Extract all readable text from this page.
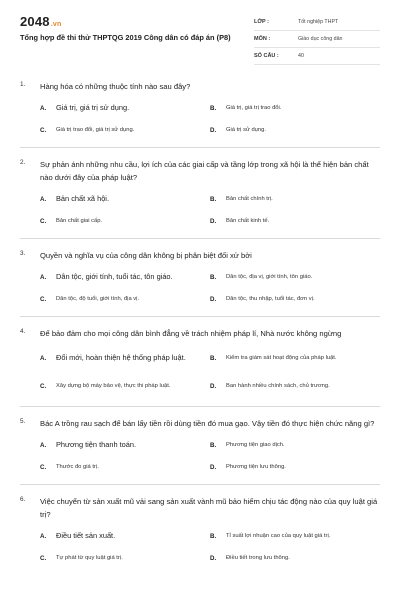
2048.vn
Tổng hợp đề thi thử THPTQG 2019 Công dân có đáp án (P8)
LỚP :	Tốt nghiệp THPT
MÔN :	Giáo dục công dân
SỐ CÂU :	40
1.	Hàng hóa có những thuộc tính nào sau đây?
A.	Giá trị, giá trị sử dụng.	B.	Giá trị, giá trị trao đổi.
C.	Giá trị trao đổi, giá trị sử dụng.	D.	Giá trị sử dụng.
2.	Sự phản ánh những nhu cầu, lợi ích của các giai cấp và tầng lớp trong xã hội là thể hiện bản chất nào dưới đây của pháp luật?
A.	Bản chất xã hội.	B.	Bản chất chính trị.
C.	Bản chất giai cấp.	D.	Bản chất kinh tế.
3.	Quyền và nghĩa vụ của công dân không bị phân biệt đối xử bởi
A.	Dân tộc, giới tính, tuổi tác, tôn giáo.	B.	Dân tộc, địa vị, giới tính, tôn giáo.
C.	Dân tộc, độ tuổi, giới tính, địa vị.	D.	Dân tộc, thu nhập, tuổi tác, đơn vị.
4.	Để bảo đảm cho mọi công dân bình đẳng về trách nhiệm pháp lí, Nhà nước không ngừng
A.	Đổi mới, hoàn thiện hệ thống pháp luật.	B.	Kiểm tra giám sát hoạt động của pháp luật.
C.	Xây dựng bộ máy bảo vệ, thực thi pháp luật.	D.	Ban hành nhiều chính sách, chủ trương.
5.	Bác A trồng rau sạch để bán lấy tiền rồi dùng tiền đó mua gạo. Vậy tiền đó thực hiện chức năng gì?
A.	Phương tiện thanh toán.	B.	Phương tiện giao dịch.
C.	Thước đo giá trị.	D.	Phương tiện lưu thông.
6.	Việc chuyển từ sản xuất mũ vải sang sản xuất vành mũ bảo hiểm chịu tác động nào của quy luật giá trị?
A.	Điều tiết sản xuất.	B.	Tỉ suất lợi nhuận cao của quy luật giá trị.
C.	Tự phát từ quy luật giá trị.	D.	Điều tiết trong lưu thông.
